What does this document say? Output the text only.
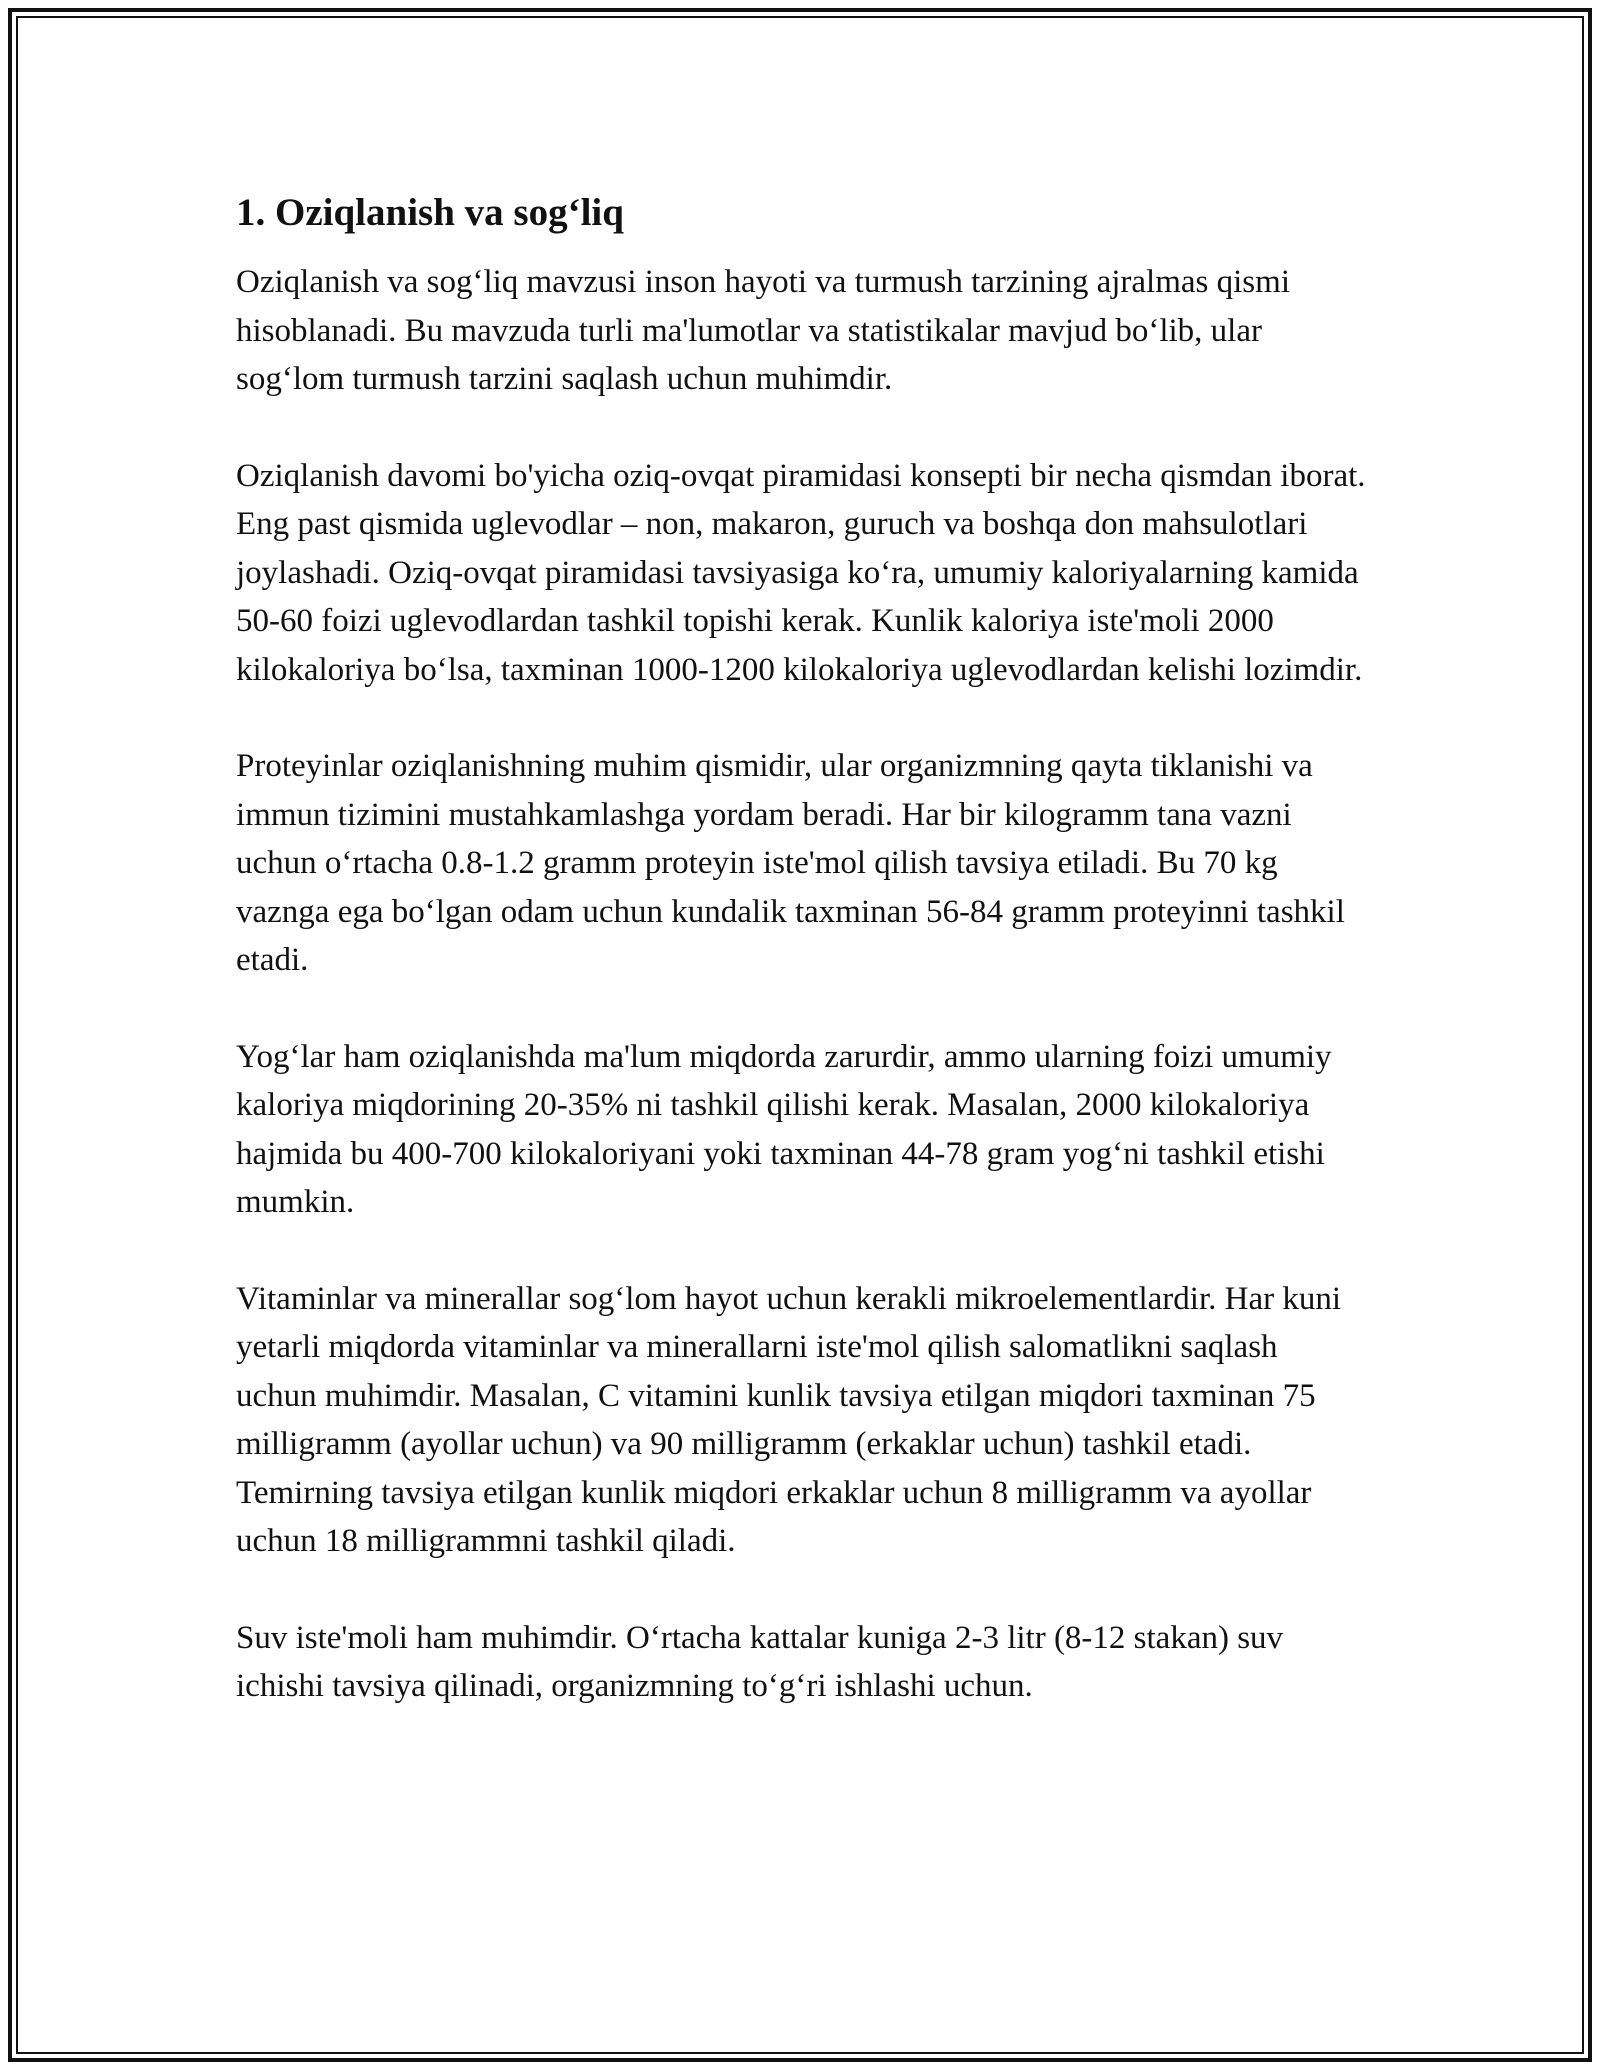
1. Oziqlanish va sog‘liq

Oziqlanish va sog‘liq mavzusi inson hayoti va turmush tarzining ajralmas qismi hisoblanadi. Bu mavzuda turli ma'lumotlar va statistikalar mavjud bo‘lib, ular sog‘lom turmush tarzini saqlash uchun muhimdir.

Oziqlanish davomi bo'yicha oziq-ovqat piramidasi konsepti bir necha qismdan iborat. Eng past qismida uglevodlar – non, makaron, guruch va boshqa don mahsulotlari joylashadi. Oziq-ovqat piramidasi tavsiyasiga ko‘ra, umumiy kaloriyalarning kamida 50-60 foizi uglevodlardan tashkil topishi kerak. Kunlik kaloriya iste'moli 2000 kilokaloriya bo‘lsa, taxminan 1000-1200 kilokaloriya uglevodlardan kelishi lozimdir.

Proteyinlar oziqlanishning muhim qismidir, ular organizmning qayta tiklanishi va immun tizimini mustahkamlashga yordam beradi. Har bir kilogramm tana vazni uchun o‘rtacha 0.8-1.2 gramm proteyin iste'mol qilish tavsiya etiladi. Bu 70 kg vaznga ega bo‘lgan odam uchun kundalik taxminan 56-84 gramm proteyinni tashkil etadi.

Yog‘lar ham oziqlanishda ma'lum miqdorda zarurdir, ammo ularning foizi umumiy kaloriya miqdorining 20-35% ni tashkil qilishi kerak. Masalan, 2000 kilokaloriya hajmida bu 400-700 kilokaloriyani yoki taxminan 44-78 gram yog‘ni tashkil etishi mumkin.

Vitaminlar va minerallar sog‘lom hayot uchun kerakli mikroelementlardir. Har kuni yetarli miqdorda vitaminlar va minerallarni iste'mol qilish salomatlikni saqlash uchun muhimdir. Masalan, C vitamini kunlik tavsiya etilgan miqdori taxminan 75 milligramm (ayollar uchun) va 90 milligramm (erkaklar uchun) tashkil etadi. Temirning tavsiya etilgan kunlik miqdori erkaklar uchun 8 milligramm va ayollar uchun 18 milligrammni tashkil qiladi.

Suv iste'moli ham muhimdir. O‘rtacha kattalar kuniga 2-3 litr (8-12 stakan) suv ichishi tavsiya qilinadi, organizmning to‘g‘ri ishlashi uchun.
